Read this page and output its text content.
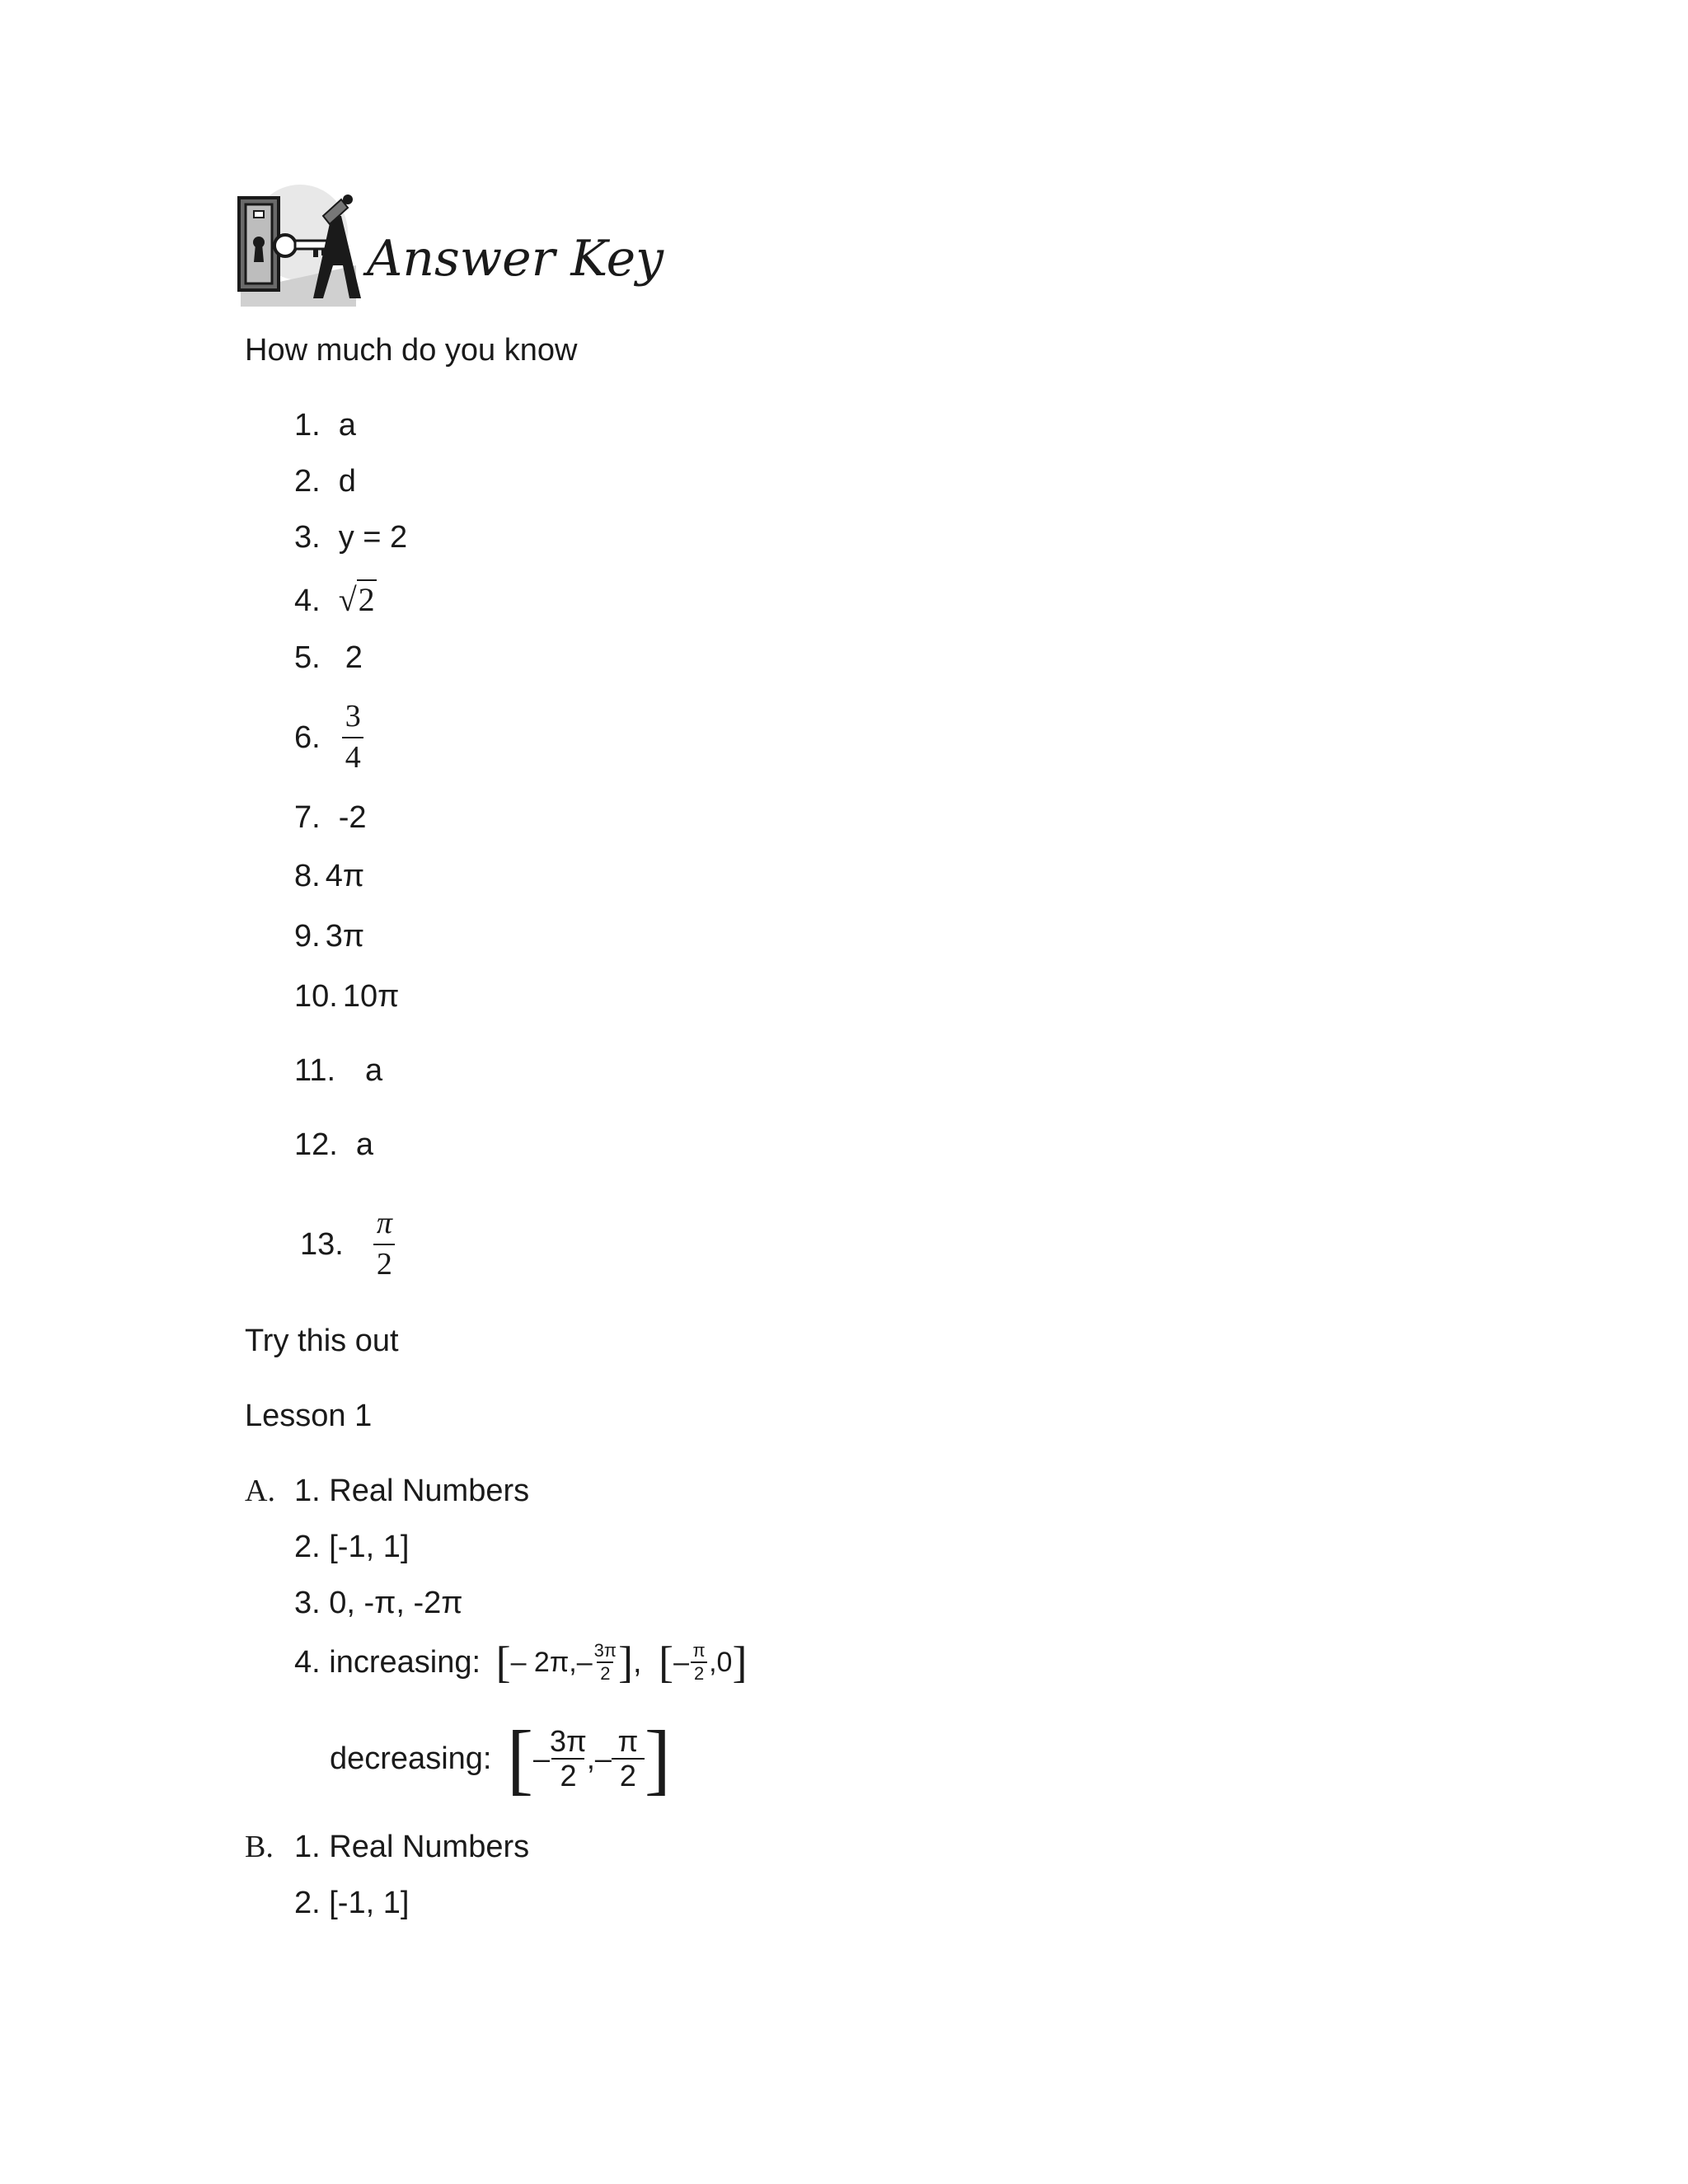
Answer Key
How much do you know
1. a
2. d
3. y = 2
4. √2
5. 2
6. $\frac{3}{4}$
7. -2
8. 4π
9. 3π
10. 10π
11. a
12. a
13. $\frac{\pi}{2}$
Try this out
Lesson 1
A. 1. Real Numbers
2. [-1, 1]
3. 0, -π, -2π
4. increasing: [– $2\pi,- \frac{3\pi}{2}$ ], [– $\frac{\pi}{2} ,0$]
decreasing: [– $\frac{3\pi}{2}$ ,– $\frac{\pi}{2}$ ]
B. 1. Real Numbers
2. [-1, 1]
